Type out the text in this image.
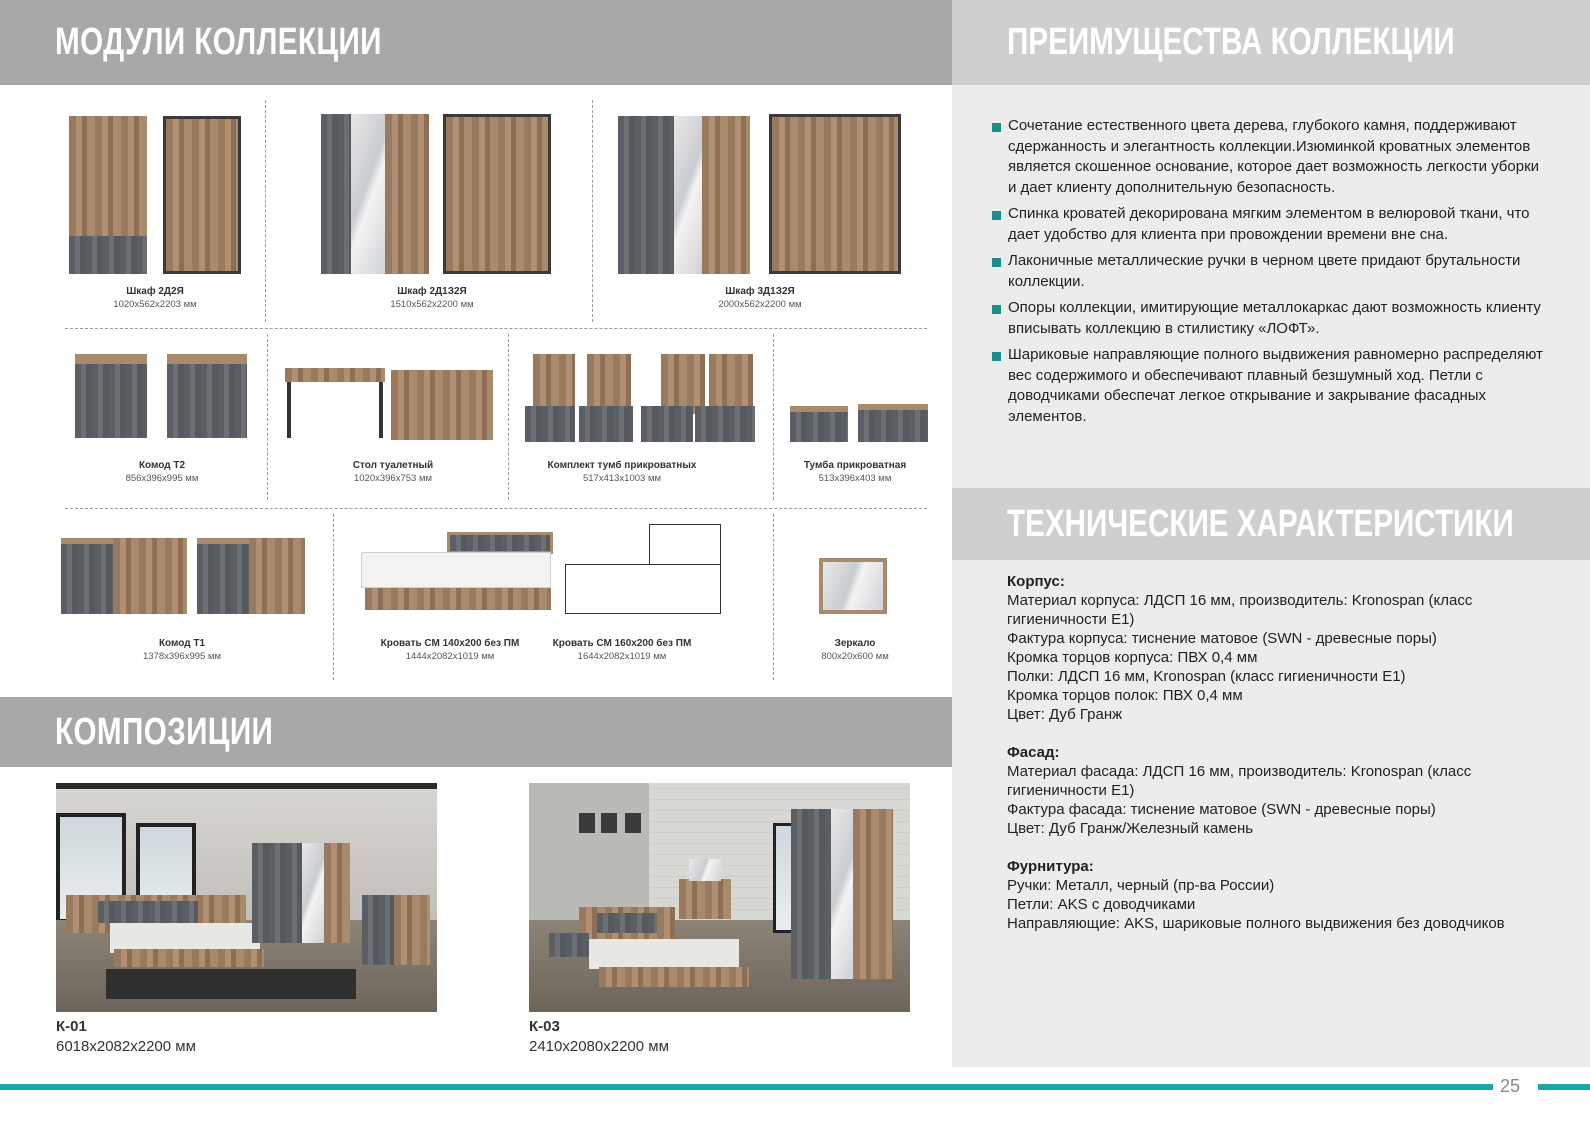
МОДУЛИ КОЛЛЕКЦИИ	ПРЕИМУЩЕСТВА КОЛЛЕКЦИИ
ТЕХНИЧЕСКИЕ ХАРАКТЕРИСТИКИ
КОМПОЗИЦИИ
Шкаф 2Д2Я
1020x562x2203 мм
Шкаф 2Д1З2Я
1510x562x2200 мм
Шкаф 3Д1З2Я
2000x562x2200 мм
Комод Т2
856x396x995 мм
Стол туалетный
1020x396x753 мм
Комплект тумб прикроватных
517x413x1003 мм
Тумба прикроватная
513x396x403 мм
Комод Т1
1378x396x995 мм
Кровать СМ 140х200 без ПМ
1444x2082x1019 мм
Кровать СМ 160х200 без ПМ
1644x2082x1019 мм
Зеркало
800x20x600 мм
К-01
6018x2082x2200 мм
К-03
2410x2080x2200 мм
Сочетание естественного цвета дерева, глубокого камня, поддерживают сдержанность и элегантность коллекции.Изюминкой кроватных элементов является скошенное основание, которое дает возможность легкости уборки и дает клиенту дополнительную безопасность.
Спинка кроватей декорирована мягким элементом в велюровой ткани, что дает удобство для клиента при провождении времени вне сна.
Лаконичные металлические ручки в черном цвете придают брутальности коллекции.
Опоры коллекции, имитирующие металлокаркас дают возможность клиенту вписывать коллекцию в стилистику «ЛОФТ».
Шариковые направляющие полного выдвижения равномерно распределяют вес содержимого и обеспечивают плавный безшумный ход. Петли с доводчиками обеспечат легкое открывание и закрывание фасадных элементов.
Корпус:
Материал корпуса: ЛДСП 16 мм, производитель: Kronospan (класс гигиеничности Е1)
Фактура корпуса: тиснение матовое (SWN - древесные поры)
Кромка торцов корпуса: ПВХ 0,4 мм
Полки: ЛДСП 16 мм, Kronospan (класс гигиеничности Е1)
Кромка торцов полок: ПВХ 0,4 мм
Цвет: Дуб Гранж
Фасад:
Материал фасада: ЛДСП 16 мм, производитель: Kronospan (класс гигиеничности Е1)
Фактура фасада: тиснение матовое (SWN - древесные поры)
Цвет: Дуб Гранж/Железный камень
Фурнитура:
Ручки: Металл, черный (пр-ва России)
Петли: AKS с доводчиками
Направляющие: AKS, шариковые полного выдвижения без доводчиков
25
